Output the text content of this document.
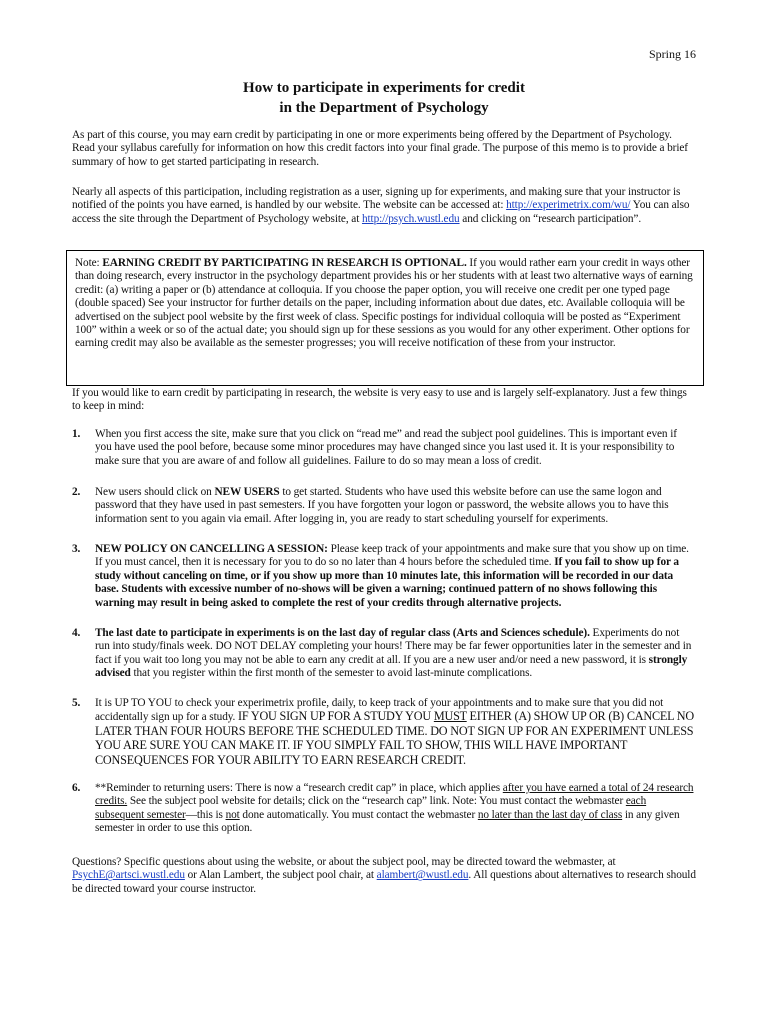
Spring 16
How to participate in experiments for credit
in the Department of Psychology
As part of this course, you may earn credit by participating in one or more experiments being offered by the Department of Psychology. Read your syllabus carefully for information on how this credit factors into your final grade. The purpose of this memo is to provide a brief summary of how to get started participating in research.
Nearly all aspects of this participation, including registration as a user, signing up for experiments, and making sure that your instructor is notified of the points you have earned, is handled by our website. The website can be accessed at: http://experimetrix.com/wu/ You can also access the site through the Department of Psychology website, at http://psych.wustl.edu and clicking on “research participation”.
Note: EARNING CREDIT BY PARTICIPATING IN RESEARCH IS OPTIONAL. If you would rather earn your credit in ways other than doing research, every instructor in the psychology department provides his or her students with at least two alternative ways of earning credit: (a) writing a paper or (b) attendance at colloquia. If you choose the paper option, you will receive one credit per one typed page (double spaced) See your instructor for further details on the paper, including information about due dates, etc. Available colloquia will be advertised on the subject pool website by the first week of class. Specific postings for individual colloquia will be posted as “Experiment 100” within a week or so of the actual date; you should sign up for these sessions as you would for any other experiment. Other options for earning credit may also be available as the semester progresses; you will receive notification of these from your instructor.
If you would like to earn credit by participating in research, the website is very easy to use and is largely self-explanatory. Just a few things to keep in mind:
1.	When you first access the site, make sure that you click on “read me” and read the subject pool guidelines. This is important even if you have used the pool before, because some minor procedures may have changed since you last used it. It is your responsibility to make sure that you are aware of and follow all guidelines. Failure to do so may mean a loss of credit.
2.	New users should click on NEW USERS to get started. Students who have used this website before can use the same logon and password that they have used in past semesters. If you have forgotten your logon or password, the website allows you to have this information sent to you again via email. After logging in, you are ready to start scheduling yourself for experiments.
3.	NEW POLICY ON CANCELLING A SESSION: Please keep track of your appointments and make sure that you show up on time. If you must cancel, then it is necessary for you to do so no later than 4 hours before the scheduled time. If you fail to show up for a study without canceling on time, or if you show up more than 10 minutes late, this information will be recorded in our data base. Students with excessive number of no-shows will be given a warning; continued pattern of no shows following this warning may result in being asked to complete the rest of your credits through alternative projects.
4.	The last date to participate in experiments is on the last day of regular class (Arts and Sciences schedule). Experiments do not run into study/finals week. DO NOT DELAY completing your hours! There may be far fewer opportunities later in the semester and in fact if you wait too long you may not be able to earn any credit at all. If you are a new user and/or need a new password, it is strongly advised that you register within the first month of the semester to avoid last-minute complications.
5.	It is UP TO YOU to check your experimetrix profile, daily, to keep track of your appointments and to make sure that you did not accidentally sign up for a study. IF YOU SIGN UP FOR A STUDY YOU MUST EITHER (A) SHOW UP OR (B) CANCEL NO LATER THAN FOUR HOURS BEFORE THE SCHEDULED TIME. DO NOT SIGN UP FOR AN EXPERIMENT UNLESS YOU ARE SURE YOU CAN MAKE IT. IF YOU SIMPLY FAIL TO SHOW, THIS WILL HAVE IMPORTANT CONSEQUENCES FOR YOUR ABILITY TO EARN RESEARCH CREDIT.
6.	**Reminder to returning users: There is now a “research credit cap” in place, which applies after you have earned a total of 24 research credits. See the subject pool website for details; click on the “research cap” link. Note: You must contact the webmaster each subsequent semester—this is not done automatically. You must contact the webmaster no later than the last day of class in any given semester in order to use this option.
Questions? Specific questions about using the website, or about the subject pool, may be directed toward the webmaster, at PsychE@artsci.wustl.edu or Alan Lambert, the subject pool chair, at alambert@wustl.edu. All questions about alternatives to research should be directed toward your course instructor.
